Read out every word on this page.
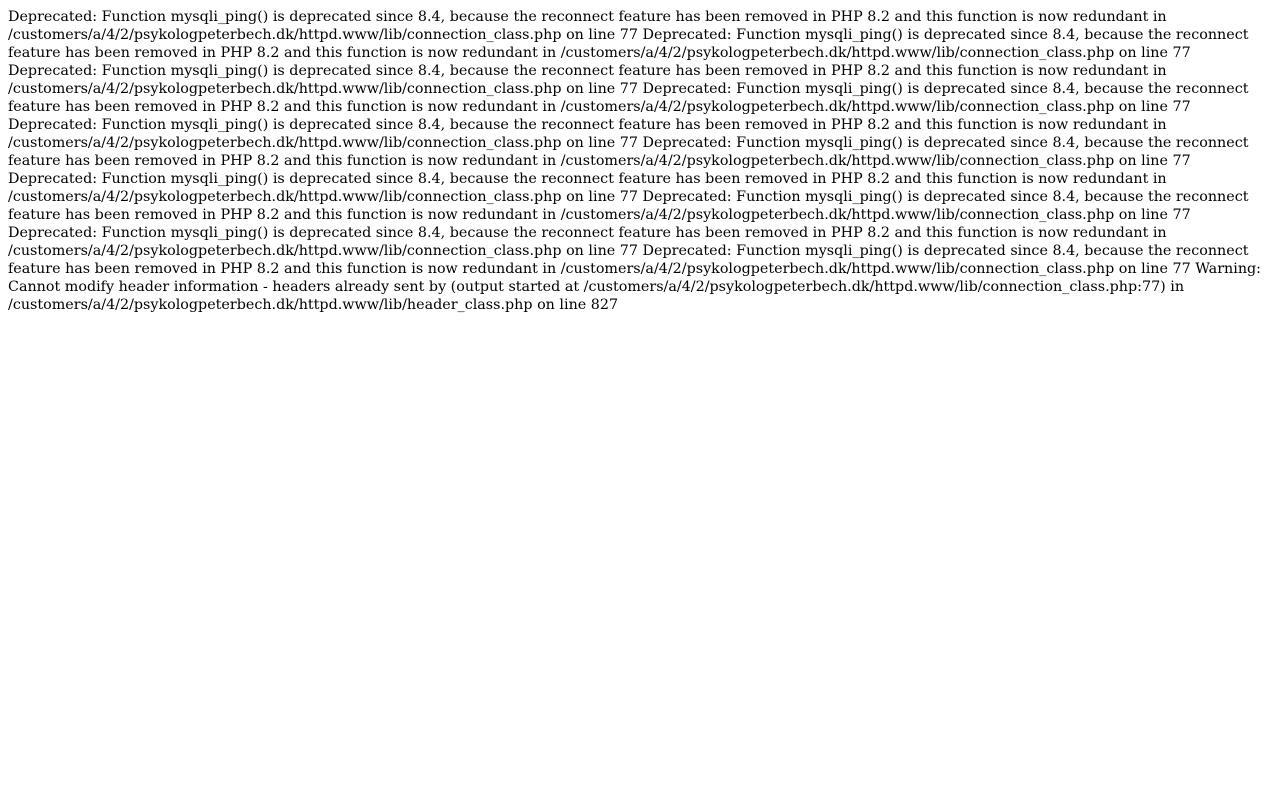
Deprecated: Function mysqli_ping() is deprecated since 8.4, because the reconnect feature has been removed in PHP 8.2 and this function is now redundant in /customers/a/4/2/psykologpeterbech.dk/httpd.www/lib/connection_class.php on line 77 Deprecated: Function mysqli_ping() is deprecated since 8.4, because the reconnect feature has been removed in PHP 8.2 and this function is now redundant in /customers/a/4/2/psykologpeterbech.dk/httpd.www/lib/connection_class.php on line 77 Deprecated: Function mysqli_ping() is deprecated since 8.4, because the reconnect feature has been removed in PHP 8.2 and this function is now redundant in /customers/a/4/2/psykologpeterbech.dk/httpd.www/lib/connection_class.php on line 77 Deprecated: Function mysqli_ping() is deprecated since 8.4, because the reconnect feature has been removed in PHP 8.2 and this function is now redundant in /customers/a/4/2/psykologpeterbech.dk/httpd.www/lib/connection_class.php on line 77 Deprecated: Function mysqli_ping() is deprecated since 8.4, because the reconnect feature has been removed in PHP 8.2 and this function is now redundant in /customers/a/4/2/psykologpeterbech.dk/httpd.www/lib/connection_class.php on line 77 Deprecated: Function mysqli_ping() is deprecated since 8.4, because the reconnect feature has been removed in PHP 8.2 and this function is now redundant in /customers/a/4/2/psykologpeterbech.dk/httpd.www/lib/connection_class.php on line 77 Deprecated: Function mysqli_ping() is deprecated since 8.4, because the reconnect feature has been removed in PHP 8.2 and this function is now redundant in /customers/a/4/2/psykologpeterbech.dk/httpd.www/lib/connection_class.php on line 77 Deprecated: Function mysqli_ping() is deprecated since 8.4, because the reconnect feature has been removed in PHP 8.2 and this function is now redundant in /customers/a/4/2/psykologpeterbech.dk/httpd.www/lib/connection_class.php on line 77 Deprecated: Function mysqli_ping() is deprecated since 8.4, because the reconnect feature has been removed in PHP 8.2 and this function is now redundant in /customers/a/4/2/psykologpeterbech.dk/httpd.www/lib/connection_class.php on line 77 Deprecated: Function mysqli_ping() is deprecated since 8.4, because the reconnect feature has been removed in PHP 8.2 and this function is now redundant in /customers/a/4/2/psykologpeterbech.dk/httpd.www/lib/connection_class.php on line 77 Warning: Cannot modify header information - headers already sent by (output started at /customers/a/4/2/psykologpeterbech.dk/httpd.www/lib/connection_class.php:77) in /customers/a/4/2/psykologpeterbech.dk/httpd.www/lib/header_class.php on line 827
